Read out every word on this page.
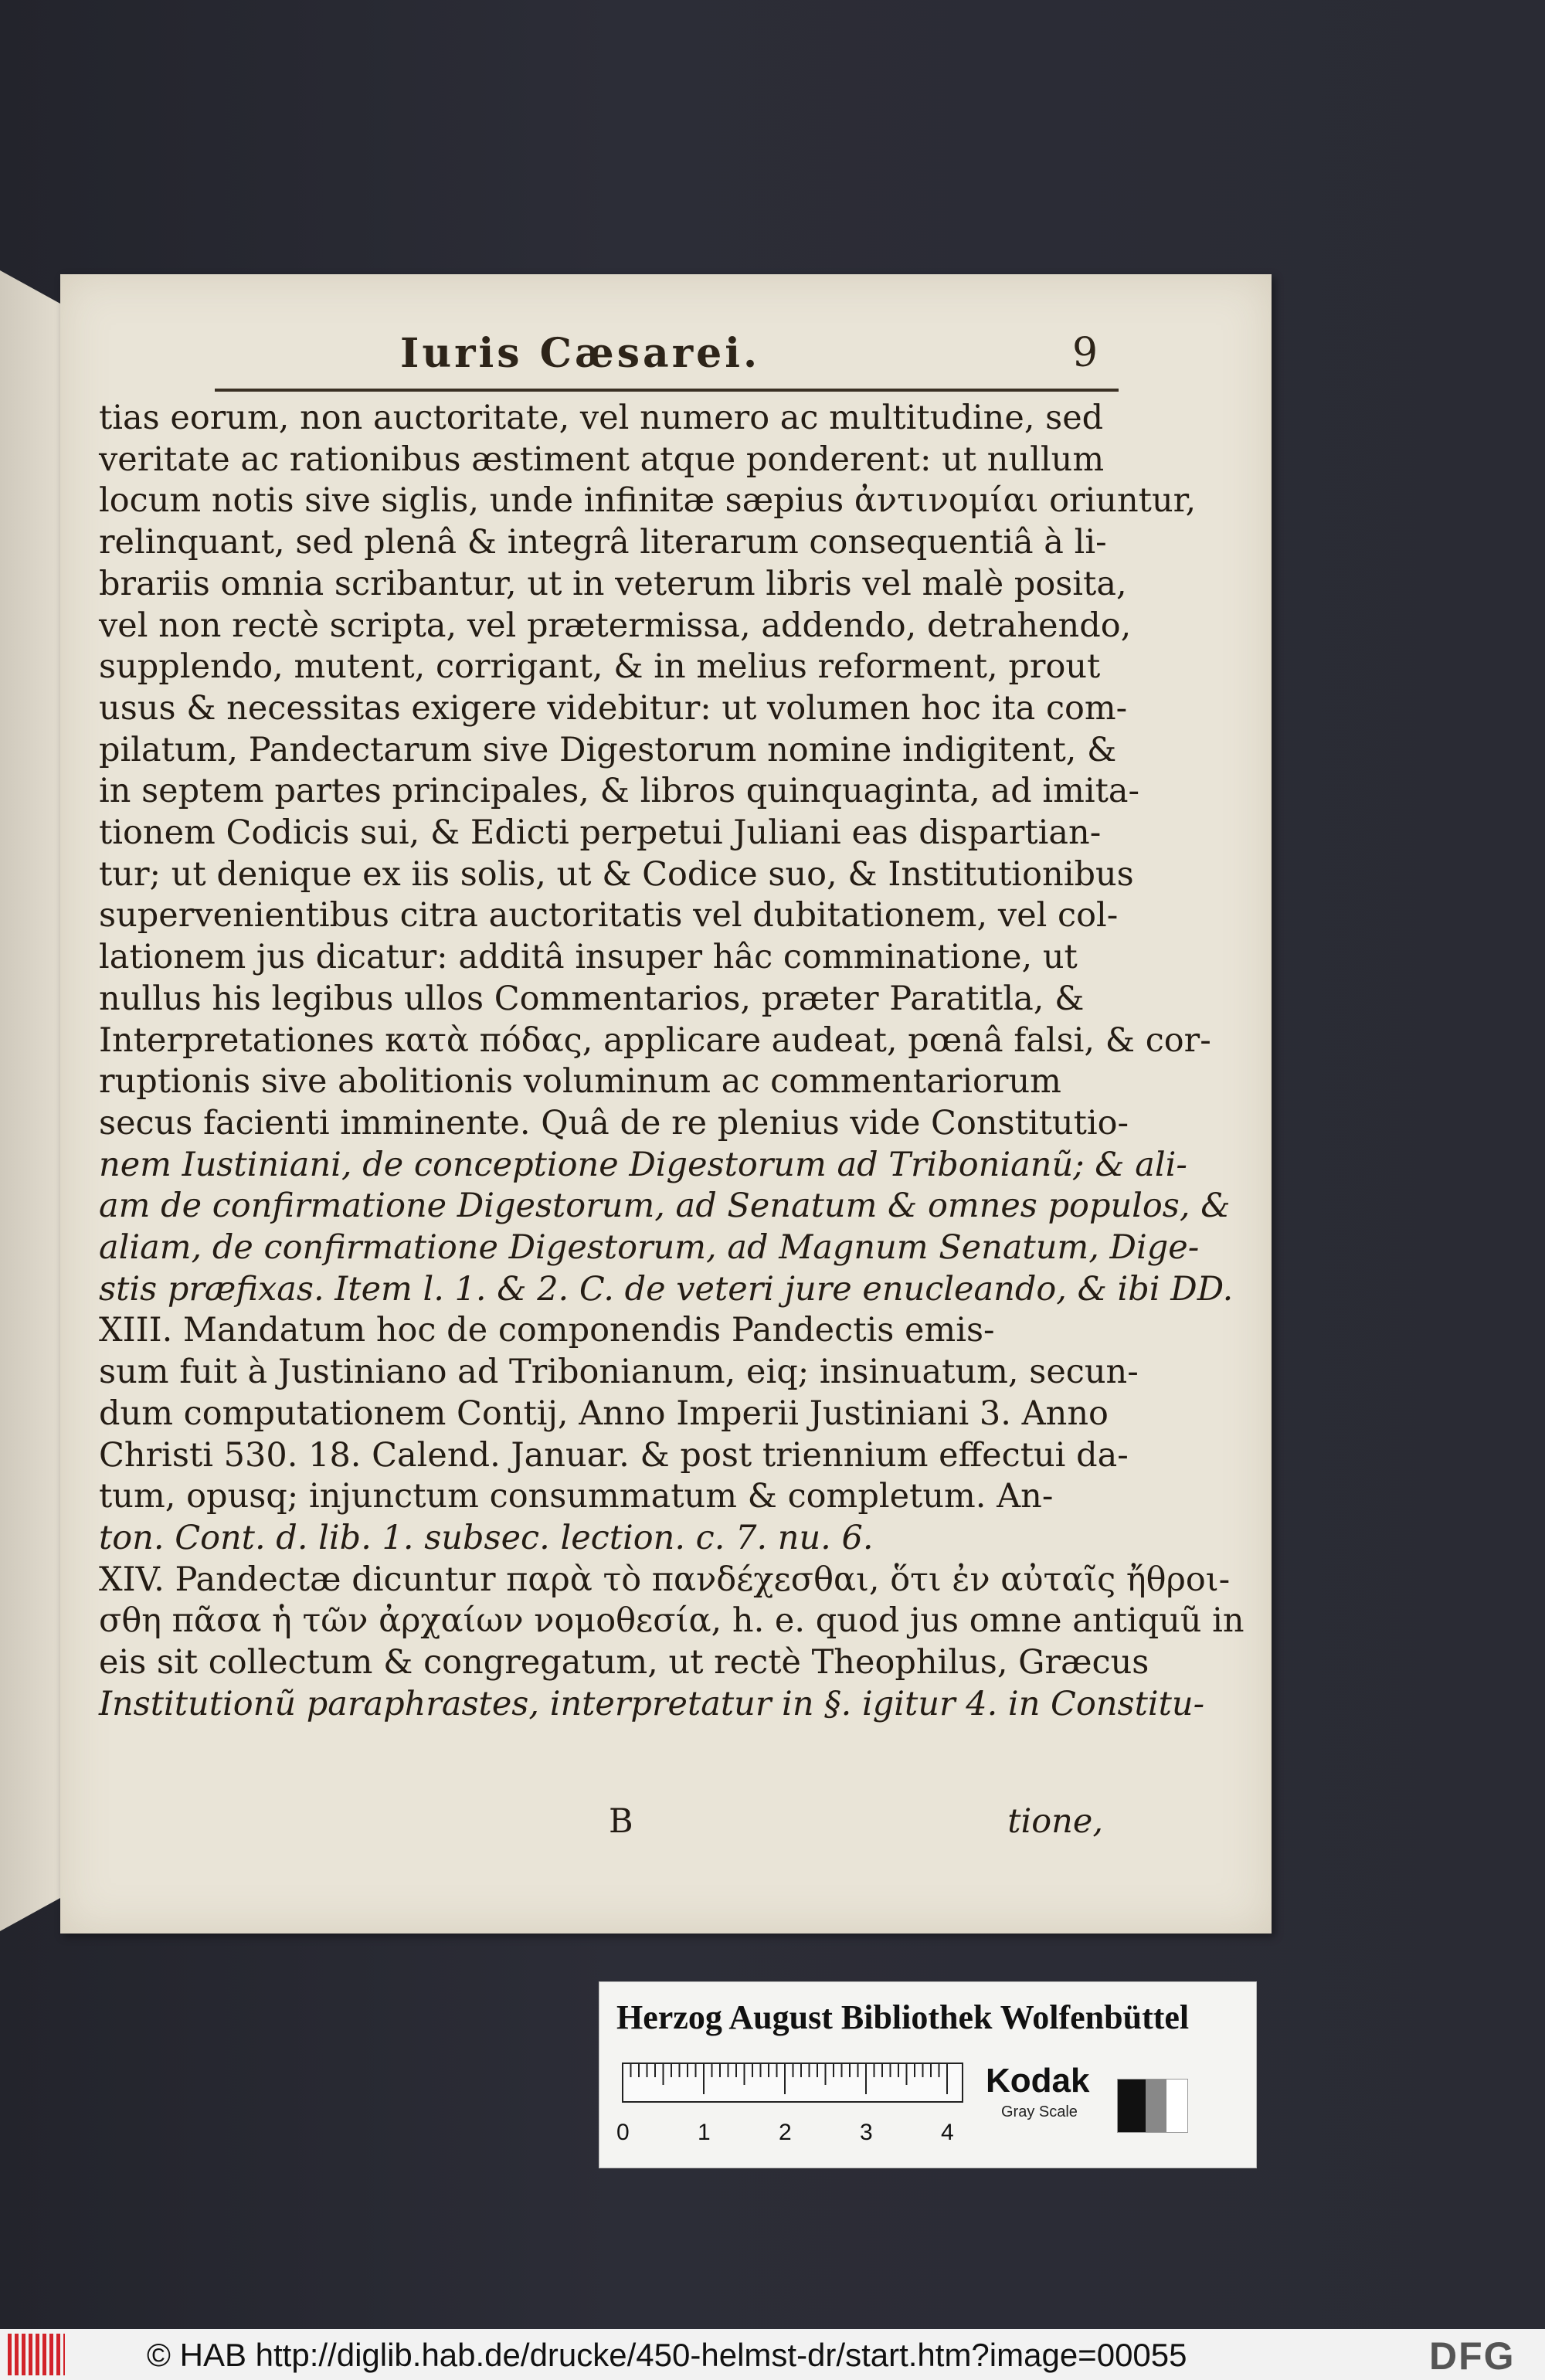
Iuris Cæsarei.	9
tias eorum, non auctoritate, vel numero ac multitudine, sed
veritate ac rationibus æstiment atque ponderent: ut nullum
locum notis sive siglis, unde infinitæ sæpius ἀντινομίαι oriuntur,
relinquant, sed plenâ & integrâ literarum consequentiâ à li-
brariis omnia scribantur, ut in veterum libris vel malè posita,
vel non rectè scripta, vel prætermissa, addendo, detrahendo,
supplendo, mutent, corrigant, & in melius reforment, prout
usus & necessitas exigere videbitur: ut volumen hoc ita com-
pilatum, Pandectarum sive Digestorum nomine indigitent, &
in septem partes principales, & libros quinquaginta, ad imita-
tionem Codicis sui, & Edicti perpetui Juliani eas dispartian-
tur; ut denique ex iis solis, ut & Codice suo, & Institutionibus
supervenientibus citra auctoritatis vel dubitationem, vel col-
lationem jus dicatur: additâ insuper hâc comminatione, ut
nullus his legibus ullos Commentarios, præter Paratitla, &
Interpretationes κατὰ πόδας, applicare audeat, pœnâ falsi, & cor-
ruptionis sive abolitionis voluminum ac commentariorum
secus facienti imminente. Quâ de re plenius vide Constitutio-
nem Iustiniani, de conceptione Digestorum ad Tribonianũ; & ali-
am de confirmatione Digestorum, ad Senatum & omnes populos, &
aliam, de confirmatione Digestorum, ad Magnum Senatum, Dige-
stis præfixas. Item l. 1. & 2. C. de veteri jure enucleando, & ibi DD.
XIII. Mandatum hoc de componendis Pandectis emis-
sum fuit à Justiniano ad Tribonianum, eiq; insinuatum, secun-
dum computationem Contij, Anno Imperii Justiniani 3. Anno
Christi 530. 18. Calend. Januar. & post triennium effectui da-
tum, opusq; injunctum consummatum & completum. An-
ton. Cont. d. lib. 1. subsec. lection. c. 7. nu. 6.
XIV. Pandectæ dicuntur παρὰ τὸ πανδέχεσθαι, ὅτι ἐν αὐταῖς ἤθροι-
σθη πᾶσα ἡ τῶν ἀρχαίων νομοθεσία, h. e. quod jus omne antiquũ in
eis sit collectum & congregatum, ut rectè Theophilus, Græcus
Institutionũ paraphrastes, interpretatur in §. igitur 4. in Constitu-
B	tione,
Herzog August Bibliothek Wolfenbüttel
0	1	2	3	4
Kodak
Gray Scale
© HAB http://diglib.hab.de/drucke/450-helmst-dr/start.htm?image=00055	DFG
